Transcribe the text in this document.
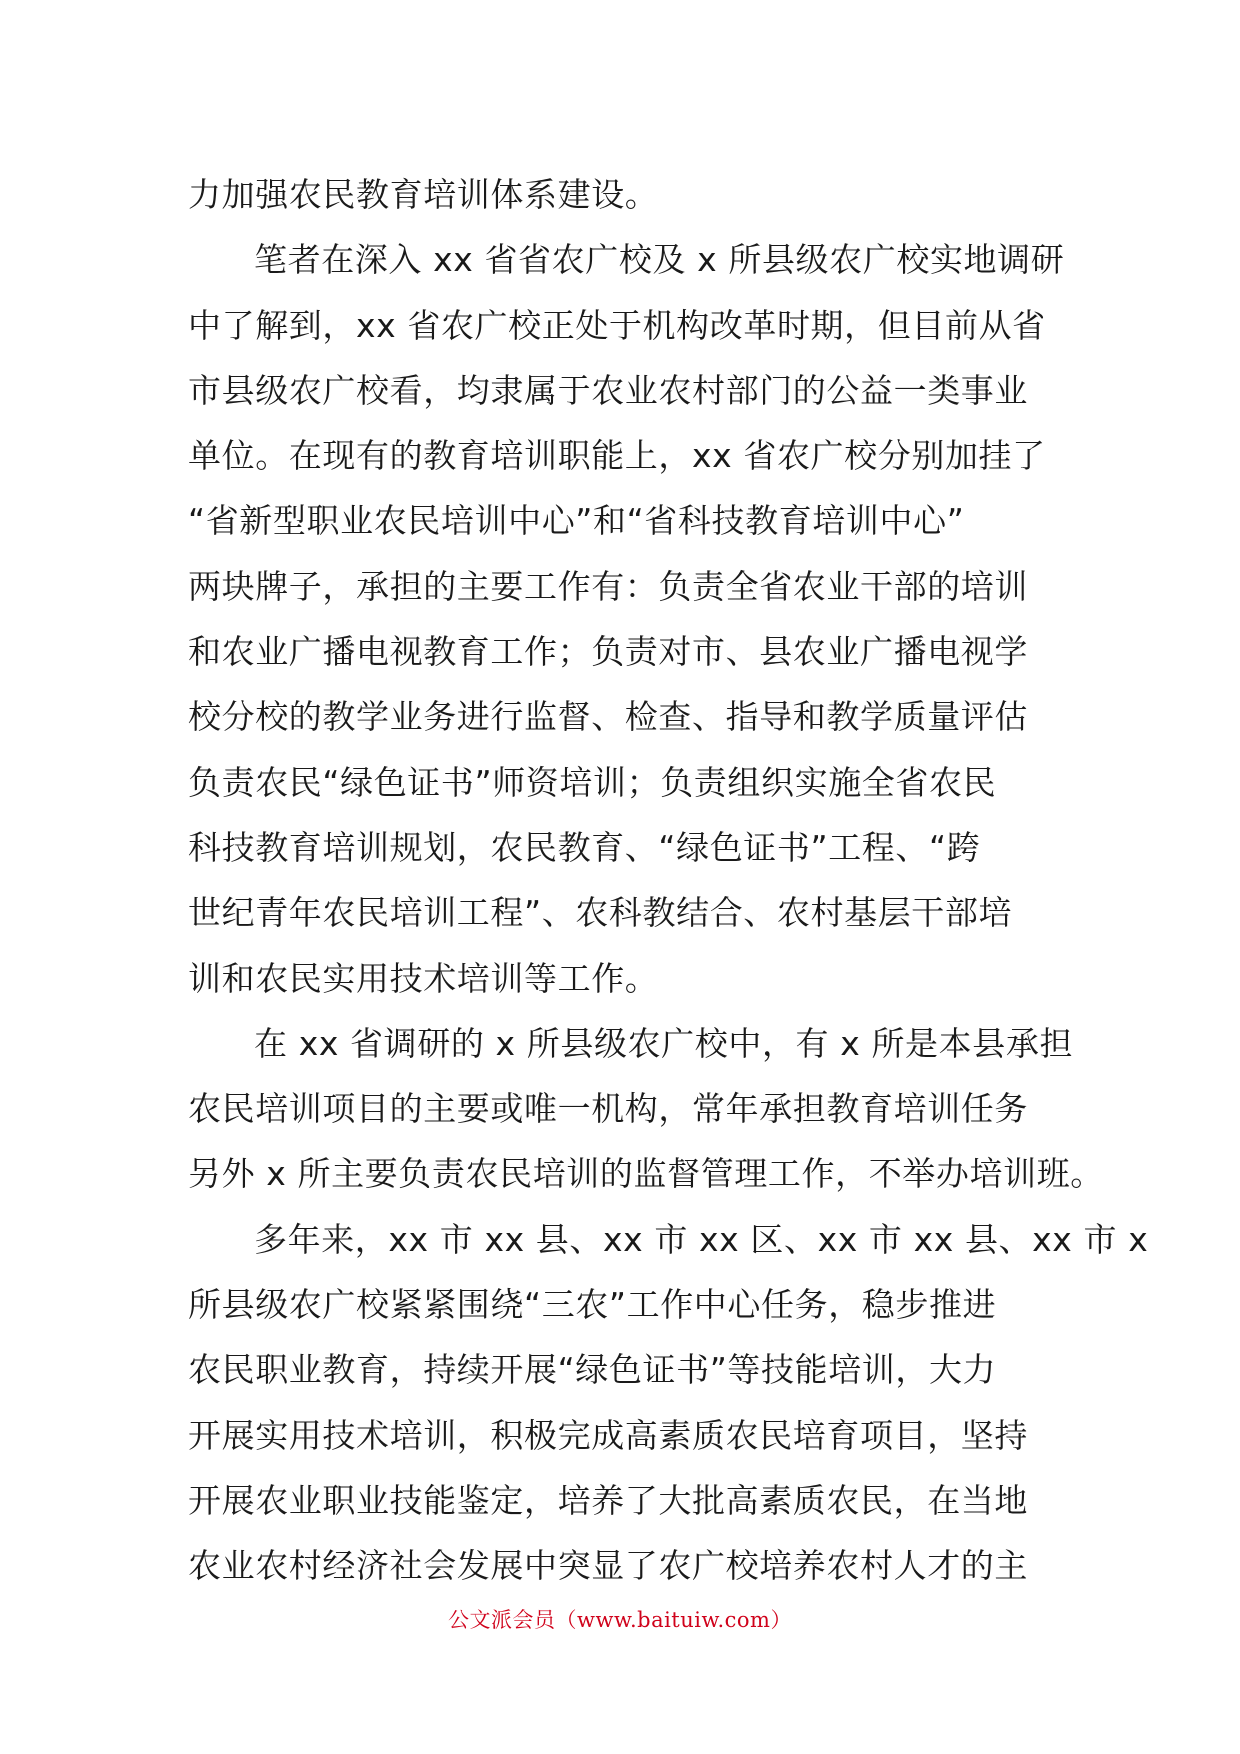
力加强农民教育培训体系建设。
笔者在深入 xx 省省农广校及 x 所县级农广校实地调研
中了解到，xx 省农广校正处于机构改革时期，但目前从省
市县级农广校看，均隶属于农业农村部门的公益一类事业
单位。在现有的教育培训职能上，xx 省农广校分别加挂了
“省新型职业农民培训中心”和“省科技教育培训中心”
两块牌子，承担的主要工作有：负责全省农业干部的培训
和农业广播电视教育工作；负责对市、县农业广播电视学
校分校的教学业务进行监督、检查、指导和教学质量评估
负责农民“绿色证书”师资培训；负责组织实施全省农民
科技教育培训规划，农民教育、“绿色证书”工程、“跨
世纪青年农民培训工程”、农科教结合、农村基层干部培
训和农民实用技术培训等工作。
在 xx 省调研的 x 所县级农广校中，有 x 所是本县承担
农民培训项目的主要或唯一机构，常年承担教育培训任务
另外 x 所主要负责农民培训的监督管理工作，不举办培训班。
多年来，xx 市 xx 县、xx 市 xx 区、xx 市 xx 县、xx 市 x
所县级农广校紧紧围绕“三农”工作中心任务，稳步推进
农民职业教育，持续开展“绿色证书”等技能培训，大力
开展实用技术培训，积极完成高素质农民培育项目，坚持
开展农业职业技能鉴定，培养了大批高素质农民，在当地
农业农村经济社会发展中突显了农广校培养农村人才的主
公文派会员（www.baituiw.com）
